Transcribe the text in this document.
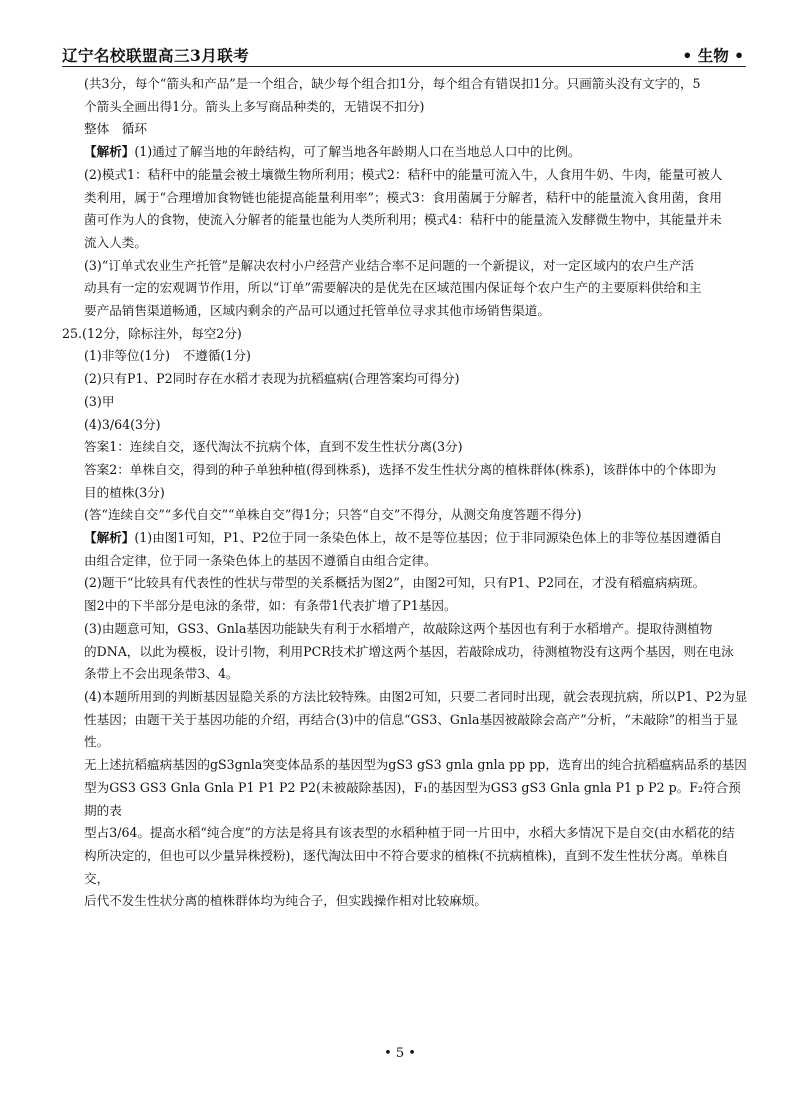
辽宁名校联盟高三3月联考	• 生物 •

(共3分，每个“箭头和产品”是一个组合，缺少每个组合扣1分，每个组合有错误扣1分。只画箭头没有文字的，5

个箭头全画出得1分。箭头上多写商品种类的，无错误不扣分)

整体　循环

【解析】(1)通过了解当地的年龄结构，可了解当地各年龄期人口在当地总人口中的比例。

(2)模式1：秸秆中的能量会被土壤微生物所利用；模式2：秸秆中的能量可流入牛，人食用牛奶、牛肉，能量可被人

类利用，属于“合理增加食物链也能提高能量利用率”；模式3：食用菌属于分解者，秸秆中的能量流入食用菌，食用

菌可作为人的食物，使流入分解者的能量也能为人类所利用；模式4：秸秆中的能量流入发酵微生物中，其能量并未

流入人类。

(3)“订单式农业生产托管”是解决农村小户经营产业结合率不足问题的一个新提议，对一定区域内的农户生产活

动具有一定的宏观调节作用，所以“订单”需要解决的是优先在区域范围内保证每个农户生产的主要原料供给和主

要产品销售渠道畅通，区域内剩余的产品可以通过托管单位寻求其他市场销售渠道。

25.(12分，除标注外，每空2分)

(1)非等位(1分)　不遵循(1分)

(2)只有P1、P2同时存在水稻才表现为抗稻瘟病(合理答案均可得分)

(3)甲

(4)3/64(3分)

答案1：连续自交，逐代淘汰不抗病个体，直到不发生性状分离(3分)

答案2：单株自交，得到的种子单独种植(得到株系)，选择不发生性状分离的植株群体(株系)，该群体中的个体即为

目的植株(3分)

(答“连续自交”“多代自交”“单株自交”得1分；只答“自交”不得分，从测交角度答题不得分)

【解析】(1)由图1可知，P1、P2位于同一条染色体上，故不是等位基因；位于非同源染色体上的非等位基因遵循自

由组合定律，位于同一条染色体上的基因不遵循自由组合定律。

(2)题干“比较具有代表性的性状与带型的关系概括为图2”，由图2可知，只有P1、P2同在，才没有稻瘟病病斑。

图2中的下半部分是电泳的条带，如：有条带1代表扩增了P1基因。

(3)由题意可知，GS3、Gnla基因功能缺失有利于水稻增产，故敲除这两个基因也有利于水稻增产。提取待测植物

的DNA，以此为模板，设计引物，利用PCR技术扩增这两个基因，若敲除成功，待测植物没有这两个基因，则在电泳

条带上不会出现条带3、4。

(4)本题所用到的判断基因显隐关系的方法比较特殊。由图2可知，只要二者同时出现，就会表现抗病，所以P1、P2为显

性基因；由题干关于基因功能的介绍，再结合(3)中的信息“GS3、Gnla基因被敲除会高产”分析，“未敲除”的相当于显性。

无上述抗稻瘟病基因的gS3gnla突变体品系的基因型为gS3 gS3 gnla gnla pp pp，选育出的纯合抗稻瘟病品系的基因

型为GS3 GS3 Gnla Gnla P1 P1 P2 P2(未被敲除基因)，F₁的基因型为GS3 gS3 Gnla gnla P1 p P2 p。F₂符合预期的表

型占3/64。提高水稻“纯合度”的方法是将具有该表型的水稻种植于同一片田中，水稻大多情况下是自交(由水稻花的结

构所决定的，但也可以少量异株授粉)，逐代淘汰田中不符合要求的植株(不抗病植株)，直到不发生性状分离。单株自交，

后代不发生性状分离的植株群体均为纯合子，但实践操作相对比较麻烦。

• 5 •
